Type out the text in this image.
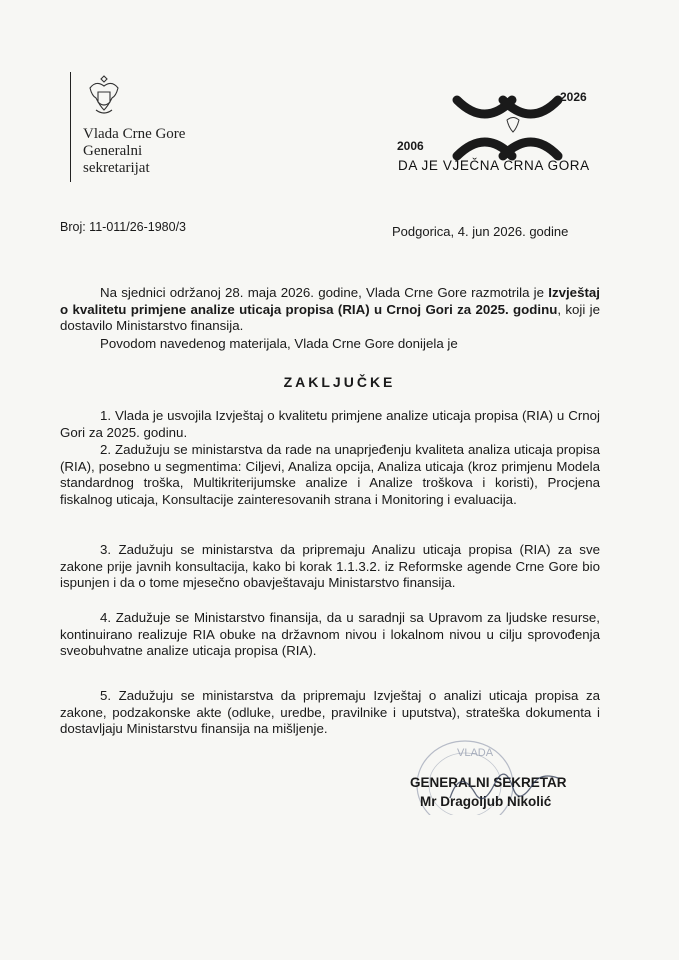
Vlada Crne Gore
Generalni
sekretarijat
2006
2026
DA JE VJEČNA CRNA GORA
Broj: 11-011/26-1980/3	Podgorica, 4. jun 2026. godine
Na sjednici održanoj 28. maja 2026. godine, Vlada Crne Gore razmotrila je Izvještaj o kvalitetu primjene analize uticaja propisa (RIA) u Crnoj Gori za 2025. godinu, koji je dostavilo Ministarstvo finansija.
Povodom navedenog materijala, Vlada Crne Gore donijela je
ZAKLJUČKE
1. Vlada je usvojila Izvještaj o kvalitetu primjene analize uticaja propisa (RIA) u Crnoj Gori za 2025. godinu.
2. Zadužuju se ministarstva da rade na unaprjeđenju kvaliteta analiza uticaja propisa (RIA), posebno u segmentima: Ciljevi, Analiza opcija, Analiza uticaja (kroz primjenu Modela standardnog troška, Multikriterijumske analize i Analize troškova i koristi), Procjena fiskalnog uticaja, Konsultacije zainteresovanih strana i Monitoring i evaluacija.
3. Zadužuju se ministarstva da pripremaju Analizu uticaja propisa (RIA) za sve zakone prije javnih konsultacija, kako bi korak 1.1.3.2. iz Reformske agende Crne Gore bio ispunjen i da o tome mjesečno obavještavaju Ministarstvo finansija.
4. Zadužuje se Ministarstvo finansija, da u saradnji sa Upravom za ljudske resurse, kontinuirano realizuje RIA obuke na državnom nivou i lokalnom nivou u cilju sprovođenja sveobuhvatne analize uticaja propisa (RIA).
5. Zadužuju se ministarstva da pripremaju Izvještaj o analizi uticaja propisa za zakone, podzakonske akte (odluke, uredbe, pravilnike i uputstva), strateška dokumenta i dostavljaju Ministarstvu finansija na mišljenje.
VLADA
GENERALNI SEKRETAR
Mr Dragoljub Nikolić
